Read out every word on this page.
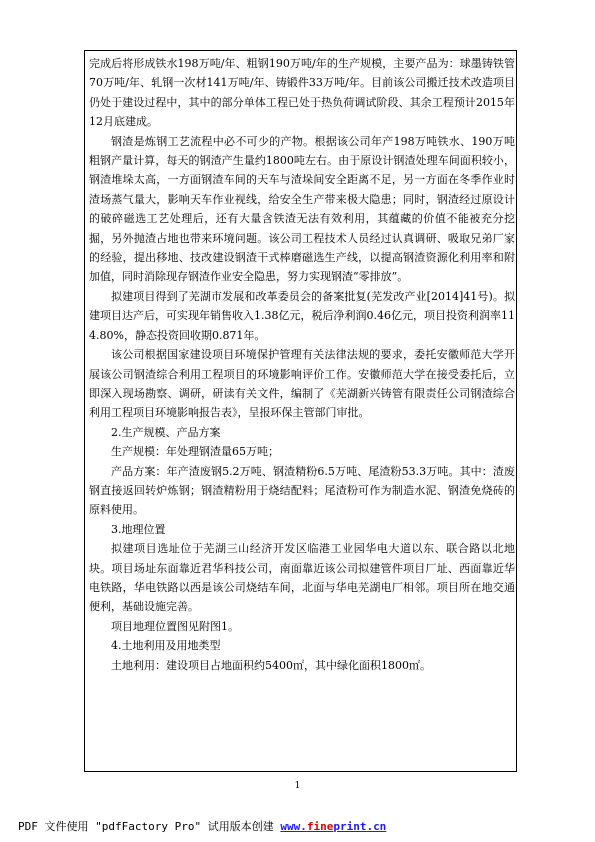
完成后将形成铁水198万吨/年、粗钢190万吨/年的生产规模，主要产品为：球墨铸铁管70万吨/年、轧钢一次材141万吨/年、铸锻件33万吨/年。目前该公司搬迁技术改造项目仍处于建设过程中，其中的部分单体工程已处于热负荷调试阶段、其余工程预计2015年12月底建成。

钢渣是炼钢工艺流程中必不可少的产物。根据该公司年产198万吨铁水、190万吨粗钢产量计算，每天的钢渣产生量约1800吨左右。由于原设计钢渣处理车间面积较小，钢渣堆垛太高，一方面钢渣车间的天车与渣垛间安全距离不足，另一方面在冬季作业时渣场蒸气量大，影响天车作业视线，给安全生产带来极大隐患；同时，钢渣经过原设计的破碎磁选工艺处理后，还有大量含铁渣无法有效利用，其蕴藏的价值不能被充分挖掘，另外抛渣占地也带来环境问题。该公司工程技术人员经过认真调研、吸取兄弟厂家的经验，提出移地、技改建设钢渣干式棒磨磁选生产线，以提高钢渣资源化利用率和附加值，同时消除现存钢渣作业安全隐患，努力实现钢渣“零排放”。

拟建项目得到了芜湖市发展和改革委员会的备案批复(芜发改产业[2014]41号)。拟建项目达产后，可实现年销售收入1.38亿元，税后净利润0.46亿元，项目投资利润率114.80%，静态投资回收期0.871年。

该公司根据国家建设项目环境保护管理有关法律法规的要求，委托安徽师范大学开展该公司钢渣综合利用工程项目的环境影响评价工作。安徽师范大学在接受委托后，立即深入现场勘察、调研，研读有关文件，编制了《芜湖新兴铸管有限责任公司钢渣综合利用工程项目环境影响报告表》，呈报环保主管部门审批。

2.生产规模、产品方案

生产规模：年处理钢渣量65万吨；

产品方案：年产渣废钢5.2万吨、钢渣精粉6.5万吨、尾渣粉53.3万吨。其中：渣废钢直接返回转炉炼钢；钢渣精粉用于烧结配料；尾渣粉可作为制造水泥、钢渣免烧砖的原料使用。

3.地理位置

拟建项目选址位于芜湖三山经济开发区临港工业园华电大道以东、联合路以北地块。项目场址东面靠近君华科技公司，南面靠近该公司拟建管件项目厂址、西面靠近华电铁路，华电铁路以西是该公司烧结车间，北面与华电芜湖电厂相邻。项目所在地交通便利，基础设施完善。

项目地理位置图见附图1。

4.土地利用及用地类型

土地利用：建设项目占地面积约5400㎡，其中绿化面积1800㎡。

1
PDF 文件使用 "pdfFactory Pro" 试用版本创建 www.fineprint.cn
